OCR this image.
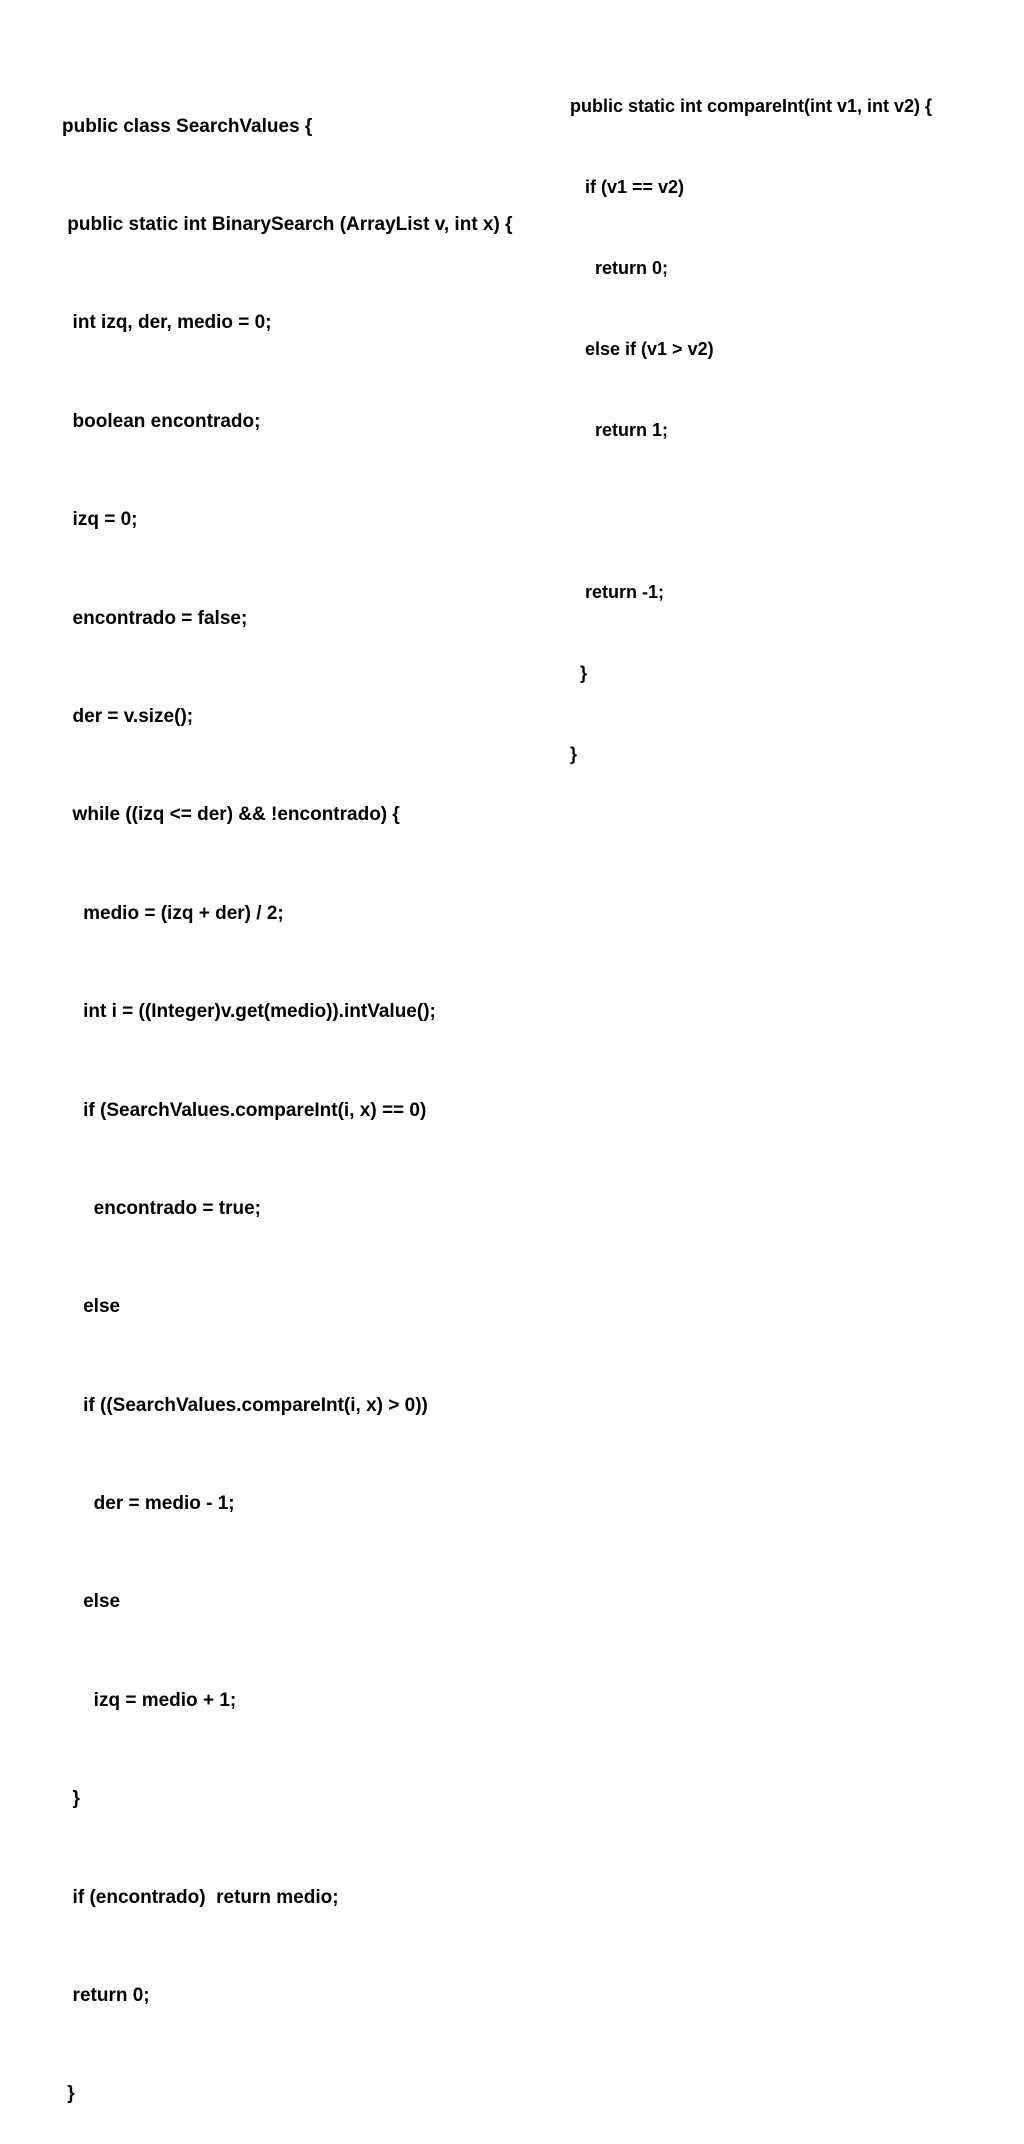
public class SearchValues {

public static int BinarySearch (ArrayList v, int x) {

int izq, der, medio = 0;

boolean encontrado;

izq = 0;

encontrado = false;

der = v.size();

while ((izq <= der) && !encontrado) {

medio = (izq + der) / 2;

int i = ((Integer)v.get(medio)).intValue();

if (SearchValues.compareInt(i, x) == 0)

encontrado = true;

else

if ((SearchValues.compareInt(i, x) > 0))

der = medio - 1;

else

izq = medio + 1;

}

if (encontrado)  return medio;

return 0;

}

public static int compareInt(int v1, int v2) {

if (v1 == v2)

return 0;

else if (v1 > v2)

return 1;

return -1;

}

}
